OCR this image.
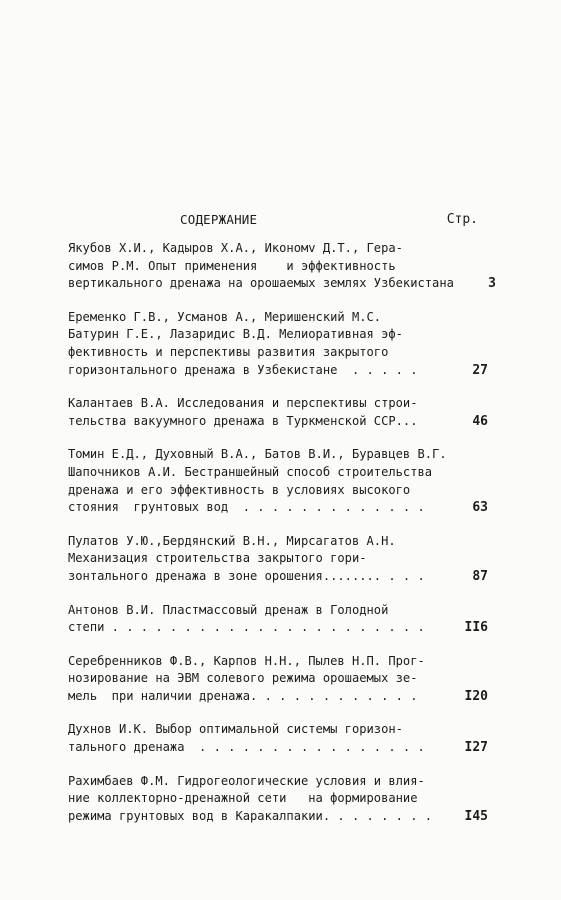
СОДЕРЖАНИЕ	Стр.
Якубов Х.И., Кадыров Х.А., Икономv Д.Т., Гера-
симов Р.М. Опыт применения    и эффективность
вертикального дренажа на орошаемых землях Узбекистана	3
Еременко Г.В., Усманов А., Меришенский М.С.
Батурин Г.Е., Лазаридис В.Д. Мелиоративная эф-
фективность и перспективы развития закрытого
горизонтального дренажа в Узбекистане  . . . . .	27
Калантаев В.А. Исследования и перспективы строи-
тельства вакуумного дренажа в Туркменской ССР...	46
Томин Е.Д., Духовный В.А., Батов В.И., Буравцев В.Г.
Шапочников А.И. Бестраншейный способ строительства
дренажа и его эффективность в условиях высокого
стояния  грунтовых вод  . . . . . . . . . . . . .	63
Пулатов У.Ю.,Бердянский В.Н., Мирсагатов А.Н.
Механизация строительства закрытого гори-
зонтального дренажа в зоне орошения........ . . .	87
Антонов В.И. Пластмассовый дренаж в Голодной
степи . . . . . . . . . . . . . . . . . . . . . .	II6
Серебренников Ф.В., Карпов Н.Н., Пылев Н.П. Прог-
нозирование на ЭВМ солевого режима орошаемых зе-
мель  при наличии дренажа. . . . . . . . . . . .	I20
Духнов И.К. Выбор оптимальной системы горизон-
тального дренажа  . . . . . . . . . . . . . . . .	I27
Рахимбаев Ф.М. Гидрогеологические условия и влия-
ние коллекторно-дренажной сети   на формирование
режима грунтовых вод в Каракалпакии. . . . . . . .	I45
